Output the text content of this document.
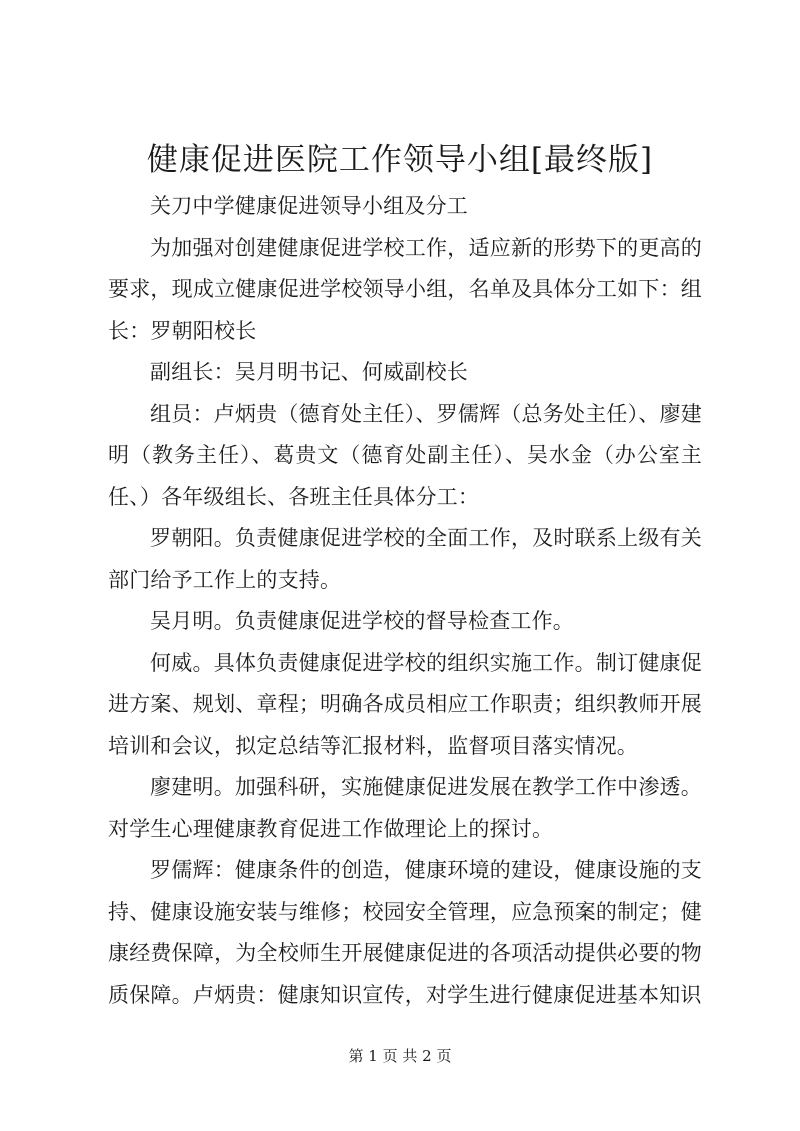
健康促进医院工作领导小组[最终版]

关刀中学健康促进领导小组及分工

为加强对创建健康促进学校工作，适应新的形势下的更高的要求，现成立健康促进学校领导小组，名单及具体分工如下：组长：罗朝阳校长

副组长：吴月明书记、何威副校长

组员：卢炳贵（德育处主任）、罗儒辉（总务处主任）、廖建明（教务主任）、葛贵文（德育处副主任）、吴水金（办公室主任、）各年级组长、各班主任具体分工：

罗朝阳。负责健康促进学校的全面工作，及时联系上级有关部门给予工作上的支持。

吴月明。负责健康促进学校的督导检查工作。

何威。具体负责健康促进学校的组织实施工作。制订健康促进方案、规划、章程；明确各成员相应工作职责；组织教师开展培训和会议，拟定总结等汇报材料，监督项目落实情况。

廖建明。加强科研，实施健康促进发展在教学工作中渗透。对学生心理健康教育促进工作做理论上的探讨。

罗儒辉：健康条件的创造，健康环境的建设，健康设施的支持、健康设施安装与维修；校园安全管理，应急预案的制定；健康经费保障，为全校师生开展健康促进的各项活动提供必要的物质保障。卢炳贵：健康知识宣传，对学生进行健康促进基本知识

第 1 页 共 2 页
